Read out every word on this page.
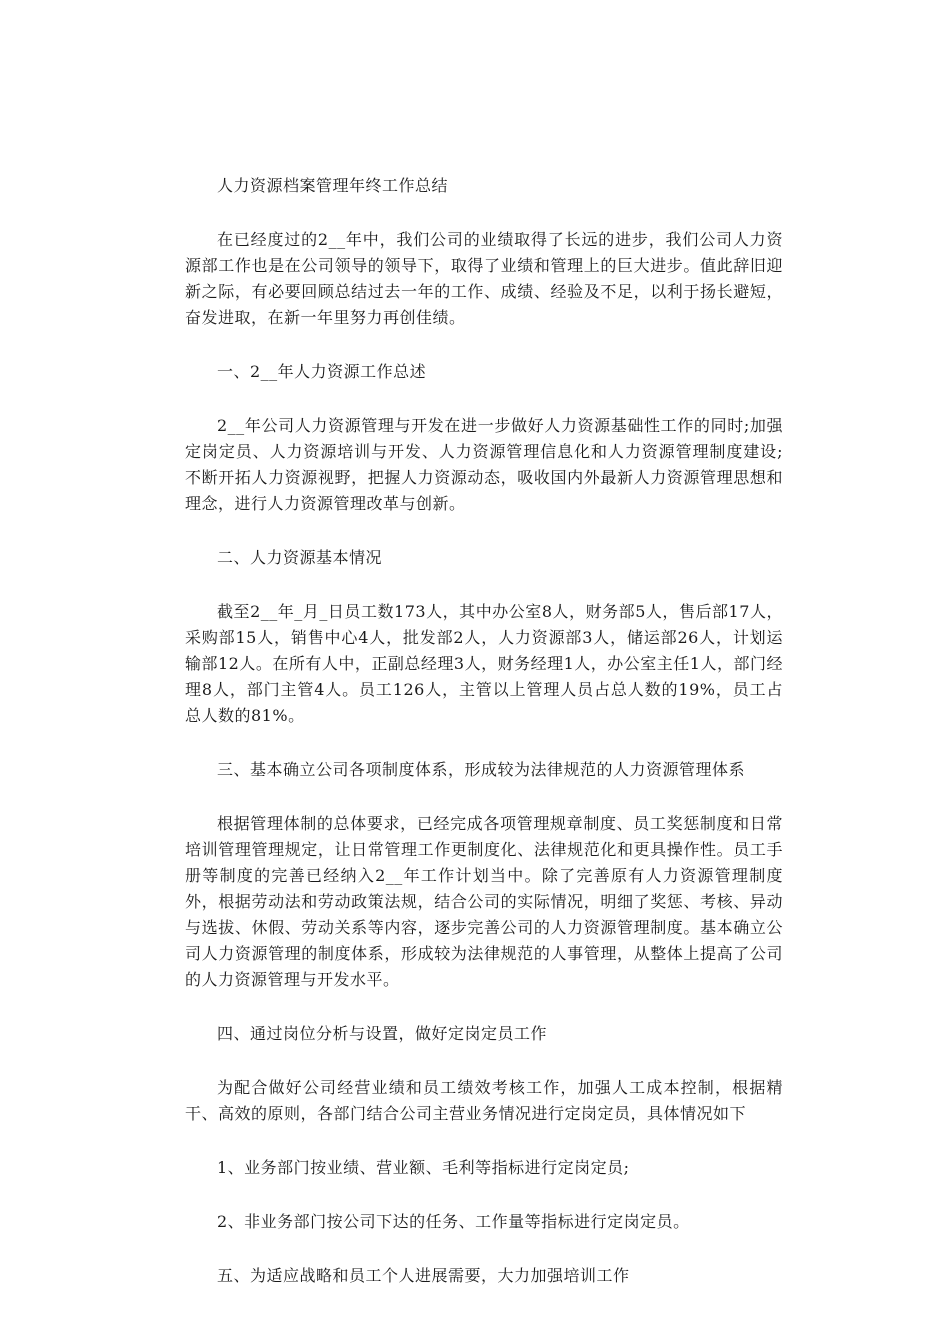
人力资源档案管理年终工作总结

在已经度过的2__年中，我们公司的业绩取得了长远的进步，我们公司人力资源部工作也是在公司领导的领导下，取得了业绩和管理上的巨大进步。值此辞旧迎新之际，有必要回顾总结过去一年的工作、成绩、经验及不足，以利于扬长避短，奋发进取，在新一年里努力再创佳绩。

一、2__年人力资源工作总述

2__年公司人力资源管理与开发在进一步做好人力资源基础性工作的同时;加强定岗定员、人力资源培训与开发、人力资源管理信息化和人力资源管理制度建设;不断开拓人力资源视野，把握人力资源动态，吸收国内外最新人力资源管理思想和理念，进行人力资源管理改革与创新。

二、人力资源基本情况

截至2__年_月_日员工数173人，其中办公室8人，财务部5人，售后部17人，采购部15人，销售中心4人，批发部2人，人力资源部3人，储运部26人，计划运输部12人。在所有人中，正副总经理3人，财务经理1人，办公室主任1人，部门经理8人，部门主管4人。员工126人，主管以上管理人员占总人数的19%，员工占总人数的81%。

三、基本确立公司各项制度体系，形成较为法律规范的人力资源管理体系

根据管理体制的总体要求，已经完成各项管理规章制度、员工奖惩制度和日常培训管理管理规定，让日常管理工作更制度化、法律规范化和更具操作性。员工手册等制度的完善已经纳入2__年工作计划当中。除了完善原有人力资源管理制度外，根据劳动法和劳动政策法规，结合公司的实际情况，明细了奖惩、考核、异动与选拔、休假、劳动关系等内容，逐步完善公司的人力资源管理制度。基本确立公司人力资源管理的制度体系，形成较为法律规范的人事管理，从整体上提高了公司的人力资源管理与开发水平。

四、通过岗位分析与设置，做好定岗定员工作

为配合做好公司经营业绩和员工绩效考核工作，加强人工成本控制，根据精干、高效的原则，各部门结合公司主营业务情况进行定岗定员，具体情况如下

1、业务部门按业绩、营业额、毛利等指标进行定岗定员;

2、非业务部门按公司下达的任务、工作量等指标进行定岗定员。

五、为适应战略和员工个人进展需要，大力加强培训工作
